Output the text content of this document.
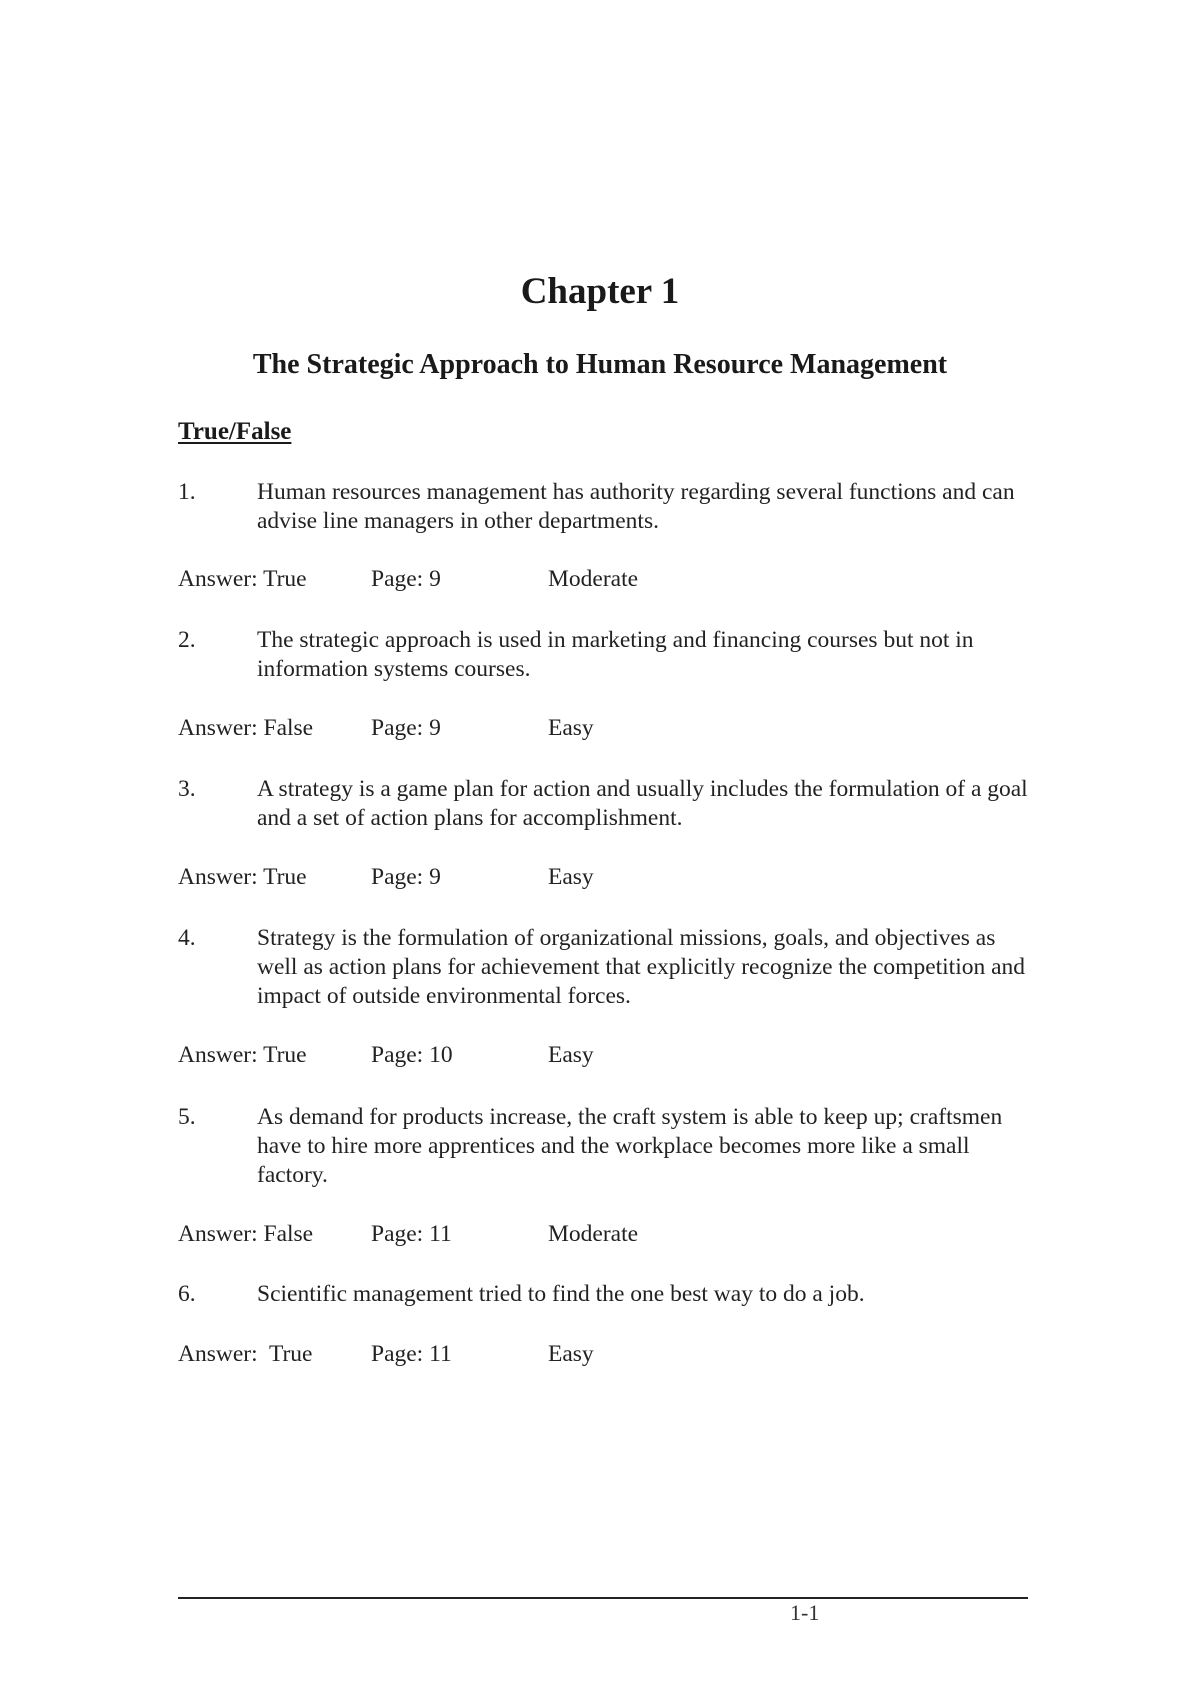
Chapter 1
The Strategic Approach to Human Resource Management
True/False
1.	Human resources management has authority regarding several functions and can advise line managers in other departments.
Answer: True	Page: 9	Moderate
2.	The strategic approach is used in marketing and financing courses but not in information systems courses.
Answer: False Page: 9	Easy
3.	A strategy is a game plan for action and usually includes the formulation of a goal and a set of action plans for accomplishment.
Answer: True	Page: 9	Easy
4.	Strategy is the formulation of organizational missions, goals, and objectives as well as action plans for achievement that explicitly recognize the competition and impact of outside environmental forces.
Answer: True	Page: 10	Easy
5.	As demand for products increase, the craft system is able to keep up; craftsmen have to hire more apprentices and the workplace becomes more like a small factory.
Answer: False Page: 11	Moderate
6.	Scientific management tried to find the one best way to do a job.
Answer:  True Page: 11	Easy
1-1
